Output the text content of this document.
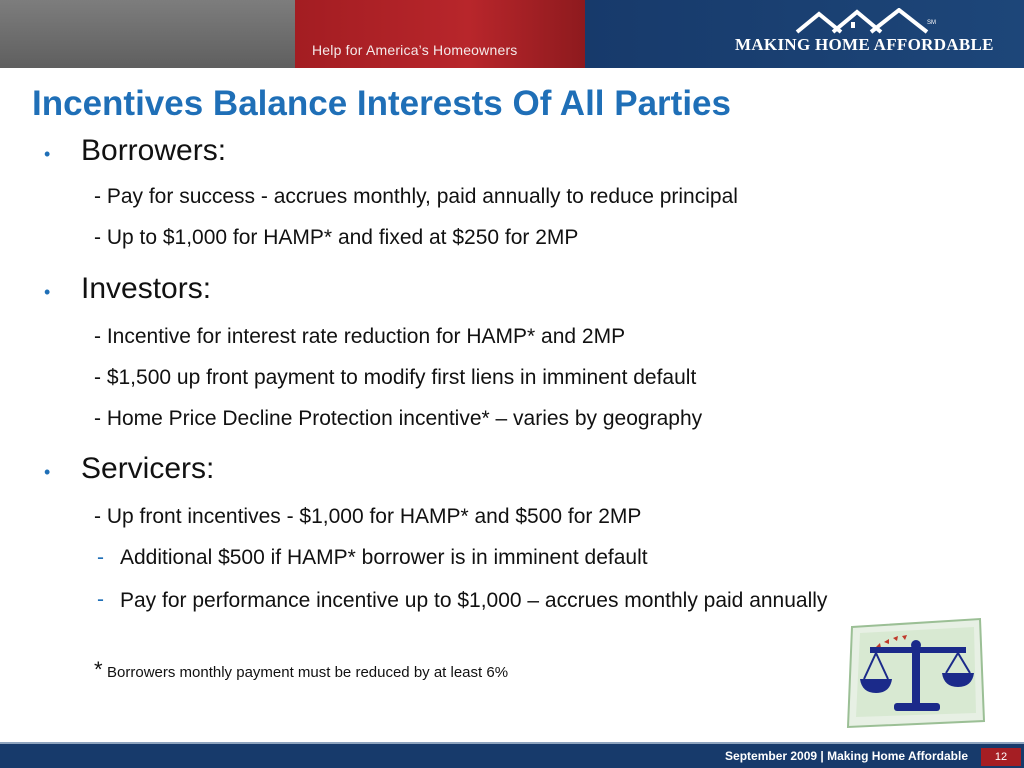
Help for America’s Homeowners
SM
MAKING HOME AFFORDABLE
Incentives Balance Interests Of All Parties
•	Borrowers:
- Pay for success - accrues monthly, paid annually to reduce principal
- Up to $1,000 for HAMP* and fixed at $250 for 2MP
•	Investors:
- Incentive for interest rate reduction for HAMP* and 2MP
- $1,500 up front payment to modify first liens in imminent default
- Home Price Decline Protection incentive* – varies by geography
•	Servicers:
- Up front incentives - $1,000 for HAMP* and $500 for 2MP
- Additional $500 if HAMP* borrower is in imminent default
- Pay for performance incentive up to $1,000 – accrues monthly paid annually
* Borrowers monthly payment must be reduced by at least 6%
September 2009 | Making Home Affordable	12
